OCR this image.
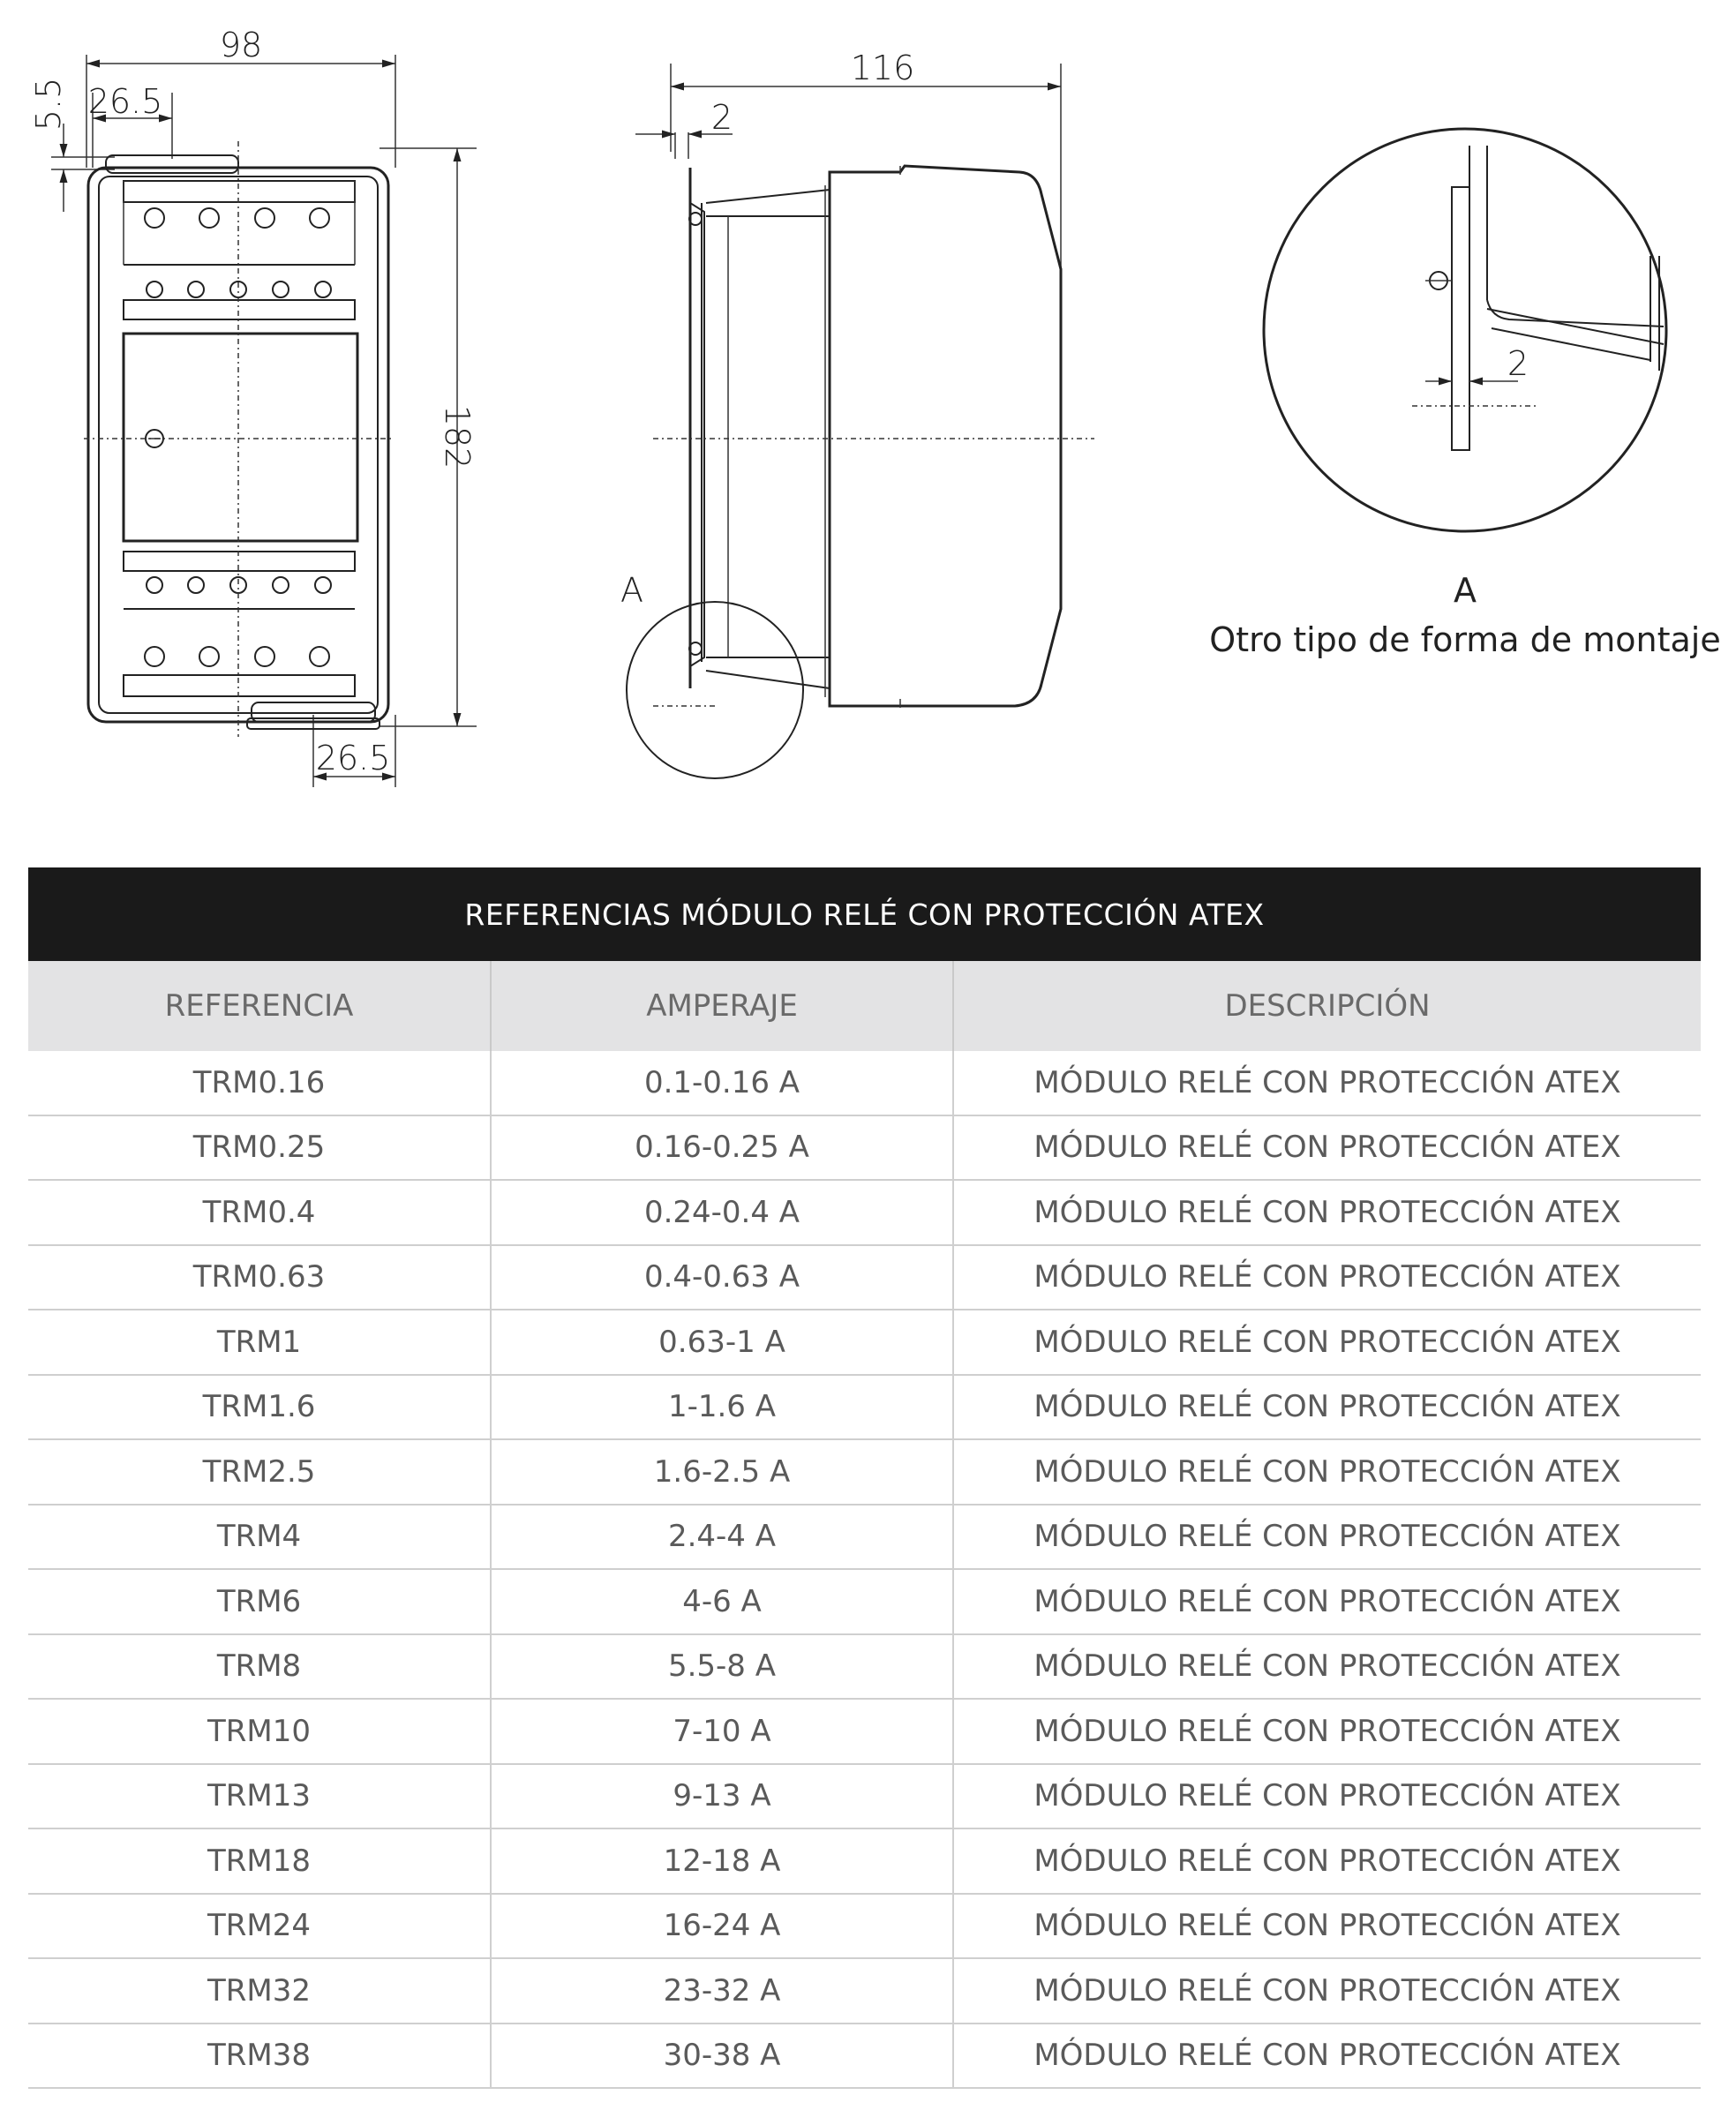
98
26.5
5.5
182
26.5
116
2
A
2
A
Otro tipo de forma de montaje
REFERENCIAS MÓDULO RELÉ CON PROTECCIÓN ATEX		
REFERENCIA	AMPERAJE	DESCRIPCIÓN
TRM0.16	0.1-0.16 A	MÓDULO RELÉ CON PROTECCIÓN ATEX
TRM0.25	0.16-0.25 A	MÓDULO RELÉ CON PROTECCIÓN ATEX
TRM0.4	0.24-0.4 A	MÓDULO RELÉ CON PROTECCIÓN ATEX
TRM0.63	0.4-0.63 A	MÓDULO RELÉ CON PROTECCIÓN ATEX
TRM1	0.63-1 A	MÓDULO RELÉ CON PROTECCIÓN ATEX
TRM1.6	1-1.6 A	MÓDULO RELÉ CON PROTECCIÓN ATEX
TRM2.5	1.6-2.5 A	MÓDULO RELÉ CON PROTECCIÓN ATEX
TRM4	2.4-4 A	MÓDULO RELÉ CON PROTECCIÓN ATEX
TRM6	4-6 A	MÓDULO RELÉ CON PROTECCIÓN ATEX
TRM8	5.5-8 A	MÓDULO RELÉ CON PROTECCIÓN ATEX
TRM10	7-10 A	MÓDULO RELÉ CON PROTECCIÓN ATEX
TRM13	9-13 A	MÓDULO RELÉ CON PROTECCIÓN ATEX
TRM18	12-18 A	MÓDULO RELÉ CON PROTECCIÓN ATEX
TRM24	16-24 A	MÓDULO RELÉ CON PROTECCIÓN ATEX
TRM32	23-32 A	MÓDULO RELÉ CON PROTECCIÓN ATEX
TRM38	30-38 A	MÓDULO RELÉ CON PROTECCIÓN ATEX
